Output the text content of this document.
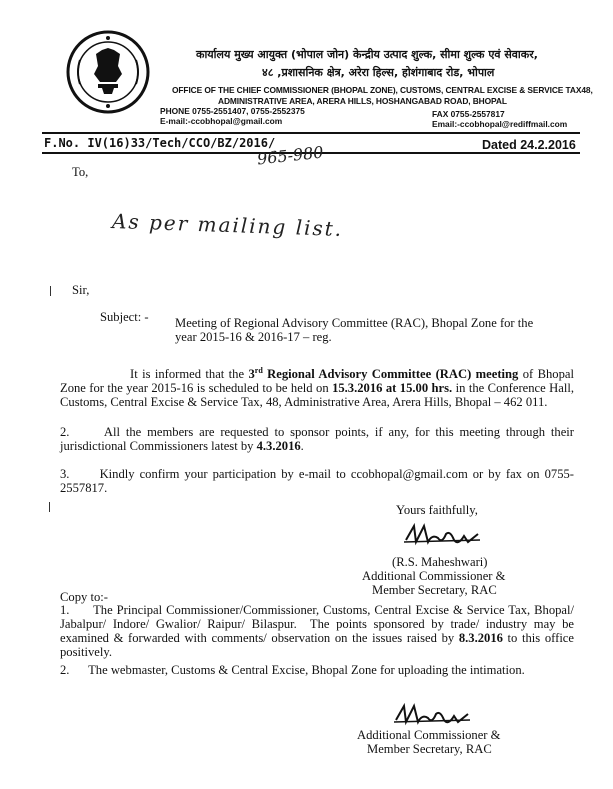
कार्यालय मुख्य आयुक्त (भोपाल जोन) केन्द्रीय उत्पाद शुल्क, सीमा शुल्क एवं सेवाकर,
४८ ,प्रशासनिक क्षेत्र, अरेरा हिल्स, होशंगाबाद रोड, भोपाल
OFFICE OF THE CHIEF COMMISSIONER (BHOPAL ZONE), CUSTOMS, CENTRAL EXCISE & SERVICE TAX48,
ADMINISTRATIVE AREA, ARERA HILLS, HOSHANGABAD ROAD, BHOPAL
PHONE 0755-2551407, 0755-2552375	FAX 0755-2557817
E-mail:-ccobhopal@gmail.com	Email:-ccobhopal@rediffmail.com
F.No. IV(16)33/Tech/CCO/BZ/2016/	Dated 24.2.2016
965-980
To,
As per mailing list.
Sir,
Subject: - Meeting of Regional Advisory Committee (RAC), Bhopal Zone for the
year 2015-16 & 2016-17 – reg.
It is informed that the 3rd Regional Advisory Committee (RAC) meeting of Bhopal Zone for the year 2015-16 is scheduled to be held on 15.3.2016 at 15.00 hrs. in the Conference Hall, Customs, Central Excise & Service Tax, 48, Administrative Area, Arera Hills, Bhopal – 462 011.
2.      All the members are requested to sponsor points, if any, for this meeting through their jurisdictional Commissioners latest by 4.3.2016.
3.      Kindly confirm your participation by e-mail to ccobhopal@gmail.com or by fax on 0755-2557817.
Yours faithfully,
(R.S. Maheshwari)
Additional Commissioner &
Member Secretary, RAC
Copy to:-
1.      The Principal Commissioner/Commissioner, Customs, Central Excise & Service Tax, Bhopal/ Jabalpur/ Indore/ Gwalior/ Raipur/ Bilaspur.  The points sponsored by trade/ industry may be examined & forwarded with comments/ observation on the issues raised by 8.3.2016 to this office positively.
2.      The webmaster, Customs & Central Excise, Bhopal Zone for uploading the intimation.
Additional Commissioner &
Member Secretary, RAC
